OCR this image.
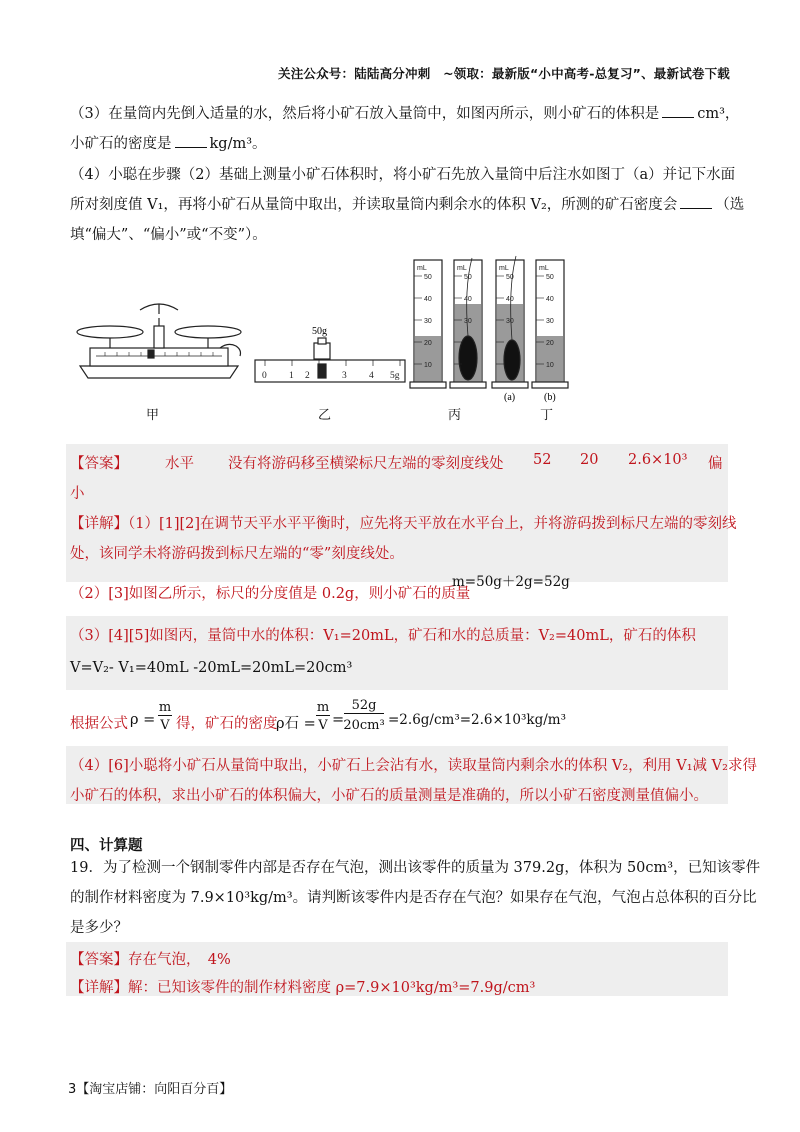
关注公众号：陆陆高分冲刺　~领取：最新版“小中高考-总复习”、最新试卷下载
（3）在量筒内先倒入适量的水，然后将小矿石放入量筒中，如图丙所示，则小矿石的体积是	cm³，
小矿石的密度是	kg/m³。
（4）小聪在步骤（2）基础上测量小矿石体积时，将小矿石先放入量筒中后注水如图丁（a）并记下水面
所对刻度值 V₁，再将小矿石从量筒中取出，并读取量筒内剩余水的体积 V₂，所测的矿石密度会	（选
填“偏大”、“偏小”或“不变”）。
50g
0 1 2	3 4 5g
mL
50
40
30
20
10
mL
50
40
30
mL
50
40
30
mL
50
40
30
20
10
(a)	(b)
甲	乙	丙	丁
【答案】	水平 没有将游码移至横梁标尺左端的零刻度线处 52 20 2.6×10³ 偏
小
【详解】（1）[1][2]在调节天平水平平衡时，应先将天平放在水平台上，并将游码拨到标尺左端的零刻线
处，该同学未将游码拨到标尺左端的“零”刻度线处。
（2）[3]如图乙所示，标尺的分度值是 0.2g，则小矿石的质量
m=50g＋2g=52g
（3）[4][5]如图丙，量筒中水的体积：V₁=20mL，矿石和水的总质量：V₂=40mL，矿石的体积
V=V₂- V₁=40mL -20mL=20mL=20cm³
根据公式 ρ =
m
V 得，矿石的密度
ρ石 =
m
V =
52g
20cm³ =2.6g/cm³=2.6×10³kg/m³
（4）[6]小聪将小矿石从量筒中取出，小矿石上会沾有水，读取量筒内剩余水的体积 V₂，利用 V₁减 V₂求得
小矿石的体积，求出小矿石的体积偏大，小矿石的质量测量是准确的，所以小矿石密度测量值偏小。
四、计算题
19．为了检测一个钢制零件内部是否存在气泡，测出该零件的质量为 379.2g，体积为 50cm³，已知该零件
的制作材料密度为 7.9×10³kg/m³。请判断该零件内是否存在气泡？如果存在气泡，气泡占总体积的百分比
是多少？
【答案】存在气泡，　4%
【详解】解：已知该零件的制作材料密度 ρ=7.9×10³kg/m³=7.9g/cm³
3【淘宝店铺：向阳百分百】
